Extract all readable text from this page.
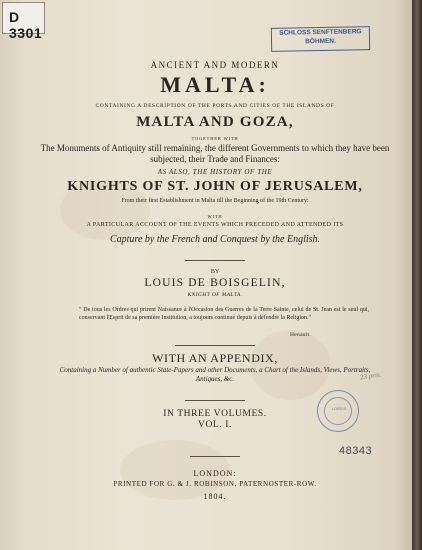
D 3301	SCHLOSS SENFTENBERG
BÖHMEN.
ANCIENT AND MODERN
MALTA:
CONTAINING A DESCRIPTION OF THE PORTS AND CITIES OF THE ISLANDS OF
MALTA AND GOZA,
TOGETHER WITH
The Monuments of Antiquity still remaining, the different Governments to which they have been subjected, their Trade and Finances:
AS ALSO, THE HISTORY OF THE
KNIGHTS OF ST. JOHN OF JERUSALEM,
From their first Establishment in Malta till the Beginning of the 19th Century:
WITH
A PARTICULAR ACCOUNT OF THE EVENTS WHICH PRECEDED AND ATTENDED ITS
Capture by the French and Conquest by the English.
BY
LOUIS DE BOISGELIN,
KNIGHT OF MALTA.
" De tous les Ordres qui prirent Naissance à l'Occasion des Guerres de la Terre Sainte, celui de St. Jean est le seul qui, conservant l'Esprit de sa première Institution, a toujours continué depuis à défendre la Religion."
Henault.
WITH AN APPENDIX,
Containing a Number of authentic State-Papers and other Documents, a Chart of the Islands, Views, Portraits, Antiques, &c.
IN THREE VOLUMES.
VOL. I.
LONDON:
PRINTED FOR G. & J. ROBINSON, PATERNOSTER-ROW.
1804.
23 pris.
LOBRIS
48343
